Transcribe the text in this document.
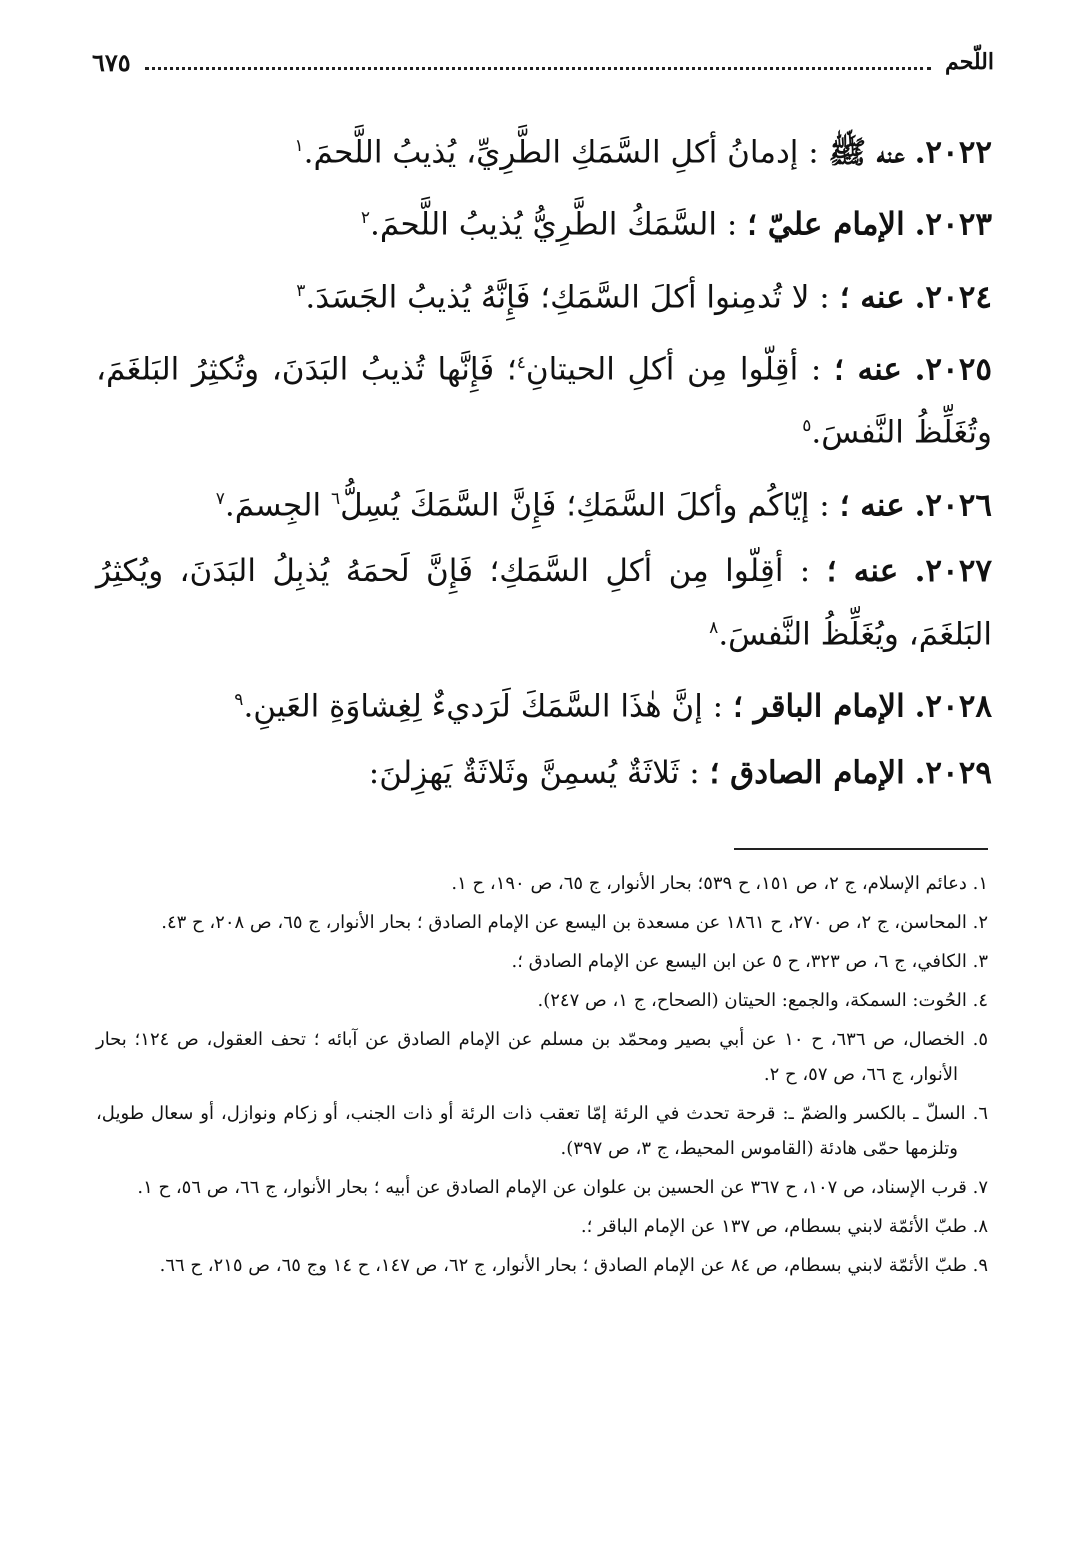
اللّحم
٦٧٥

٢٠٢٢. عنه ﷺ : إدمانُ أكلِ السَّمَكِ الطَّرِيِّ، يُذيبُ اللَّحمَ.$^١$

٢٠٢٣. الإمام عليّ ؛ : السَّمَكُ الطَّرِيُّ يُذيبُ اللَّحمَ.$^٢$

٢٠٢٤. عنه ؛ : لا تُدمِنوا أكلَ السَّمَكِ؛ فَإِنَّهُ يُذيبُ الجَسَدَ.$^٣$

٢٠٢٥. عنه ؛ : أقِلّوا مِن أكلِ الحيتانِ$^٤$؛ فَإِنَّها تُذيبُ البَدَنَ، وتُكثِرُ البَلغَمَ، وتُغَلِّظُ النَّفسَ.$^٥$

٢٠٢٦. عنه ؛ : إيّاكُم وأكلَ السَّمَكِ؛ فَإِنَّ السَّمَكَ يُسِلُّ$^٦$ الجِسمَ.$^٧$

٢٠٢٧. عنه ؛ : أقِلّوا مِن أكلِ السَّمَكِ؛ فَإِنَّ لَحمَهُ يُذبِلُ البَدَنَ، ويُكثِرُ البَلغَمَ، ويُغَلِّظُ النَّفسَ.$^٨$

٢٠٢٨. الإمام الباقر ؛ : إنَّ هٰذَا السَّمَكَ لَرَديءٌ لِغِشاوَةِ العَينِ.$^٩$

٢٠٢٩. الإمام الصادق ؛ : ثَلاثَةٌ يُسمِنَّ وثَلاثَةٌ يَهزِلنَ:

١. دعائم الإسلام، ج ٢، ص ١٥١، ح ٥٣٩؛ بحار الأنوار، ج ٦٥، ص ١٩٠، ح ١.

٢. المحاسن، ج ٢، ص ٢٧٠، ح ١٨٦١ عن مسعدة بن اليسع عن الإمام الصادق ؛ بحار الأنوار، ج ٦٥، ص ٢٠٨، ح ٤٣.

٣. الكافي، ج ٦، ص ٣٢٣، ح ٥ عن ابن اليسع عن الإمام الصادق ؛.

٤. الحُوت: السمكة، والجمع: الحيتان (الصحاح، ج ١، ص ٢٤٧).

٥. الخصال، ص ٦٣٦، ح ١٠ عن أبي بصير ومحمّد بن مسلم عن الإمام الصادق عن آبائه ؛ تحف العقول، ص ١٢٤؛ بحار الأنوار، ج ٦٦، ص ٥٧، ح ٢.

٦. السلّ ـ بالكسر والضمّ ـ: قرحة تحدث في الرئة إمّا تعقب ذات الرئة أو ذات الجنب، أو زكام ونوازل، أو سعال طويل، وتلزمها حمّى هادئة (القاموس المحيط، ج ٣، ص ٣٩٧).

٧. قرب الإسناد، ص ١٠٧، ح ٣٦٧ عن الحسين بن علوان عن الإمام الصادق عن أبيه ؛ بحار الأنوار، ج ٦٦، ص ٥٦، ح ١.

٨. طبّ الأئمّة لابني بسطام، ص ١٣٧ عن الإمام الباقر ؛.

٩. طبّ الأئمّة لابني بسطام، ص ٨٤ عن الإمام الصادق ؛ بحار الأنوار، ج ٦٢، ص ١٤٧، ح ١٤ وج ٦٥، ص ٢١٥، ح ٦٦.
